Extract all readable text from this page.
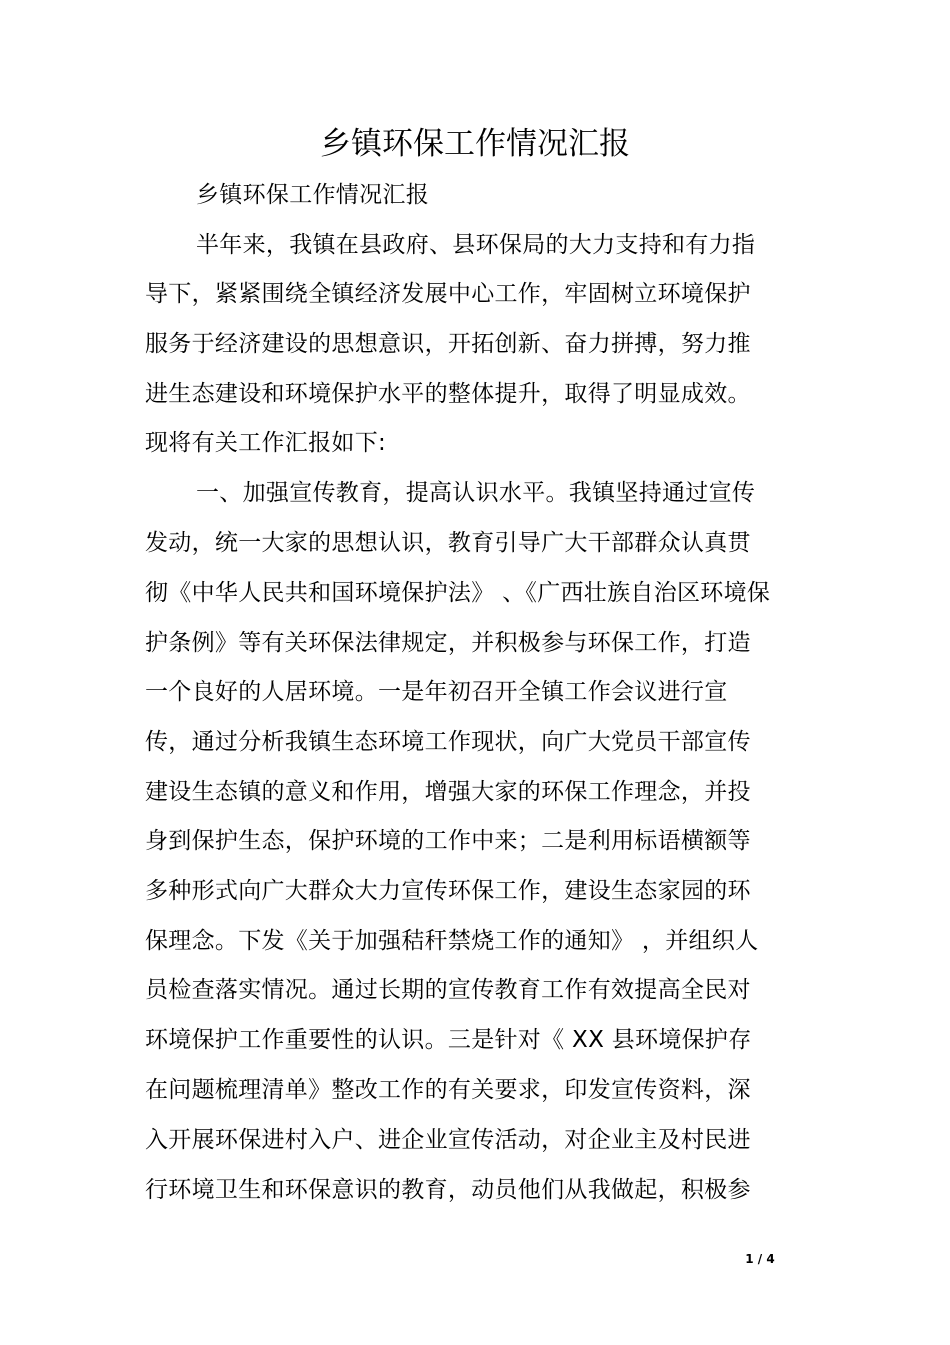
乡镇环保工作情况汇报
乡镇环保工作情况汇报
半年来，我镇在县政府、县环保局的大力支持和有力指
导下，紧紧围绕全镇经济发展中心工作，牢固树立环境保护
服务于经济建设的思想意识，开拓创新、奋力拼搏，努力推
进生态建设和环境保护水平的整体提升，取得了明显成效。
现将有关工作汇报如下:
一、加强宣传教育，提高认识水平。我镇坚持通过宣传
发动，统一大家的思想认识，教育引导广大干部群众认真贯
彻《中华人民共和国环境保护法》 、《广西壮族自治区环境保
护条例》等有关环保法律规定，并积极参与环保工作，打造
一个良好的人居环境。一是年初召开全镇工作会议进行宣
传，通过分析我镇生态环境工作现状，向广大党员干部宣传
建设生态镇的意义和作用，增强大家的环保工作理念，并投
身到保护生态，保护环境的工作中来；二是利用标语横额等
多种形式向广大群众大力宣传环保工作，建设生态家园的环
保理念。下发《关于加强秸秆禁烧工作的通知》 ，并组织人
员检查落实情况。通过长期的宣传教育工作有效提高全民对
环境保护工作重要性的认识。三是针对《 XX 县环境保护存
在问题梳理清单》整改工作的有关要求，印发宣传资料，深
入开展环保进村入户、进企业宣传活动，对企业主及村民进
行环境卫生和环保意识的教育，动员他们从我做起，积极参
1 / 4
